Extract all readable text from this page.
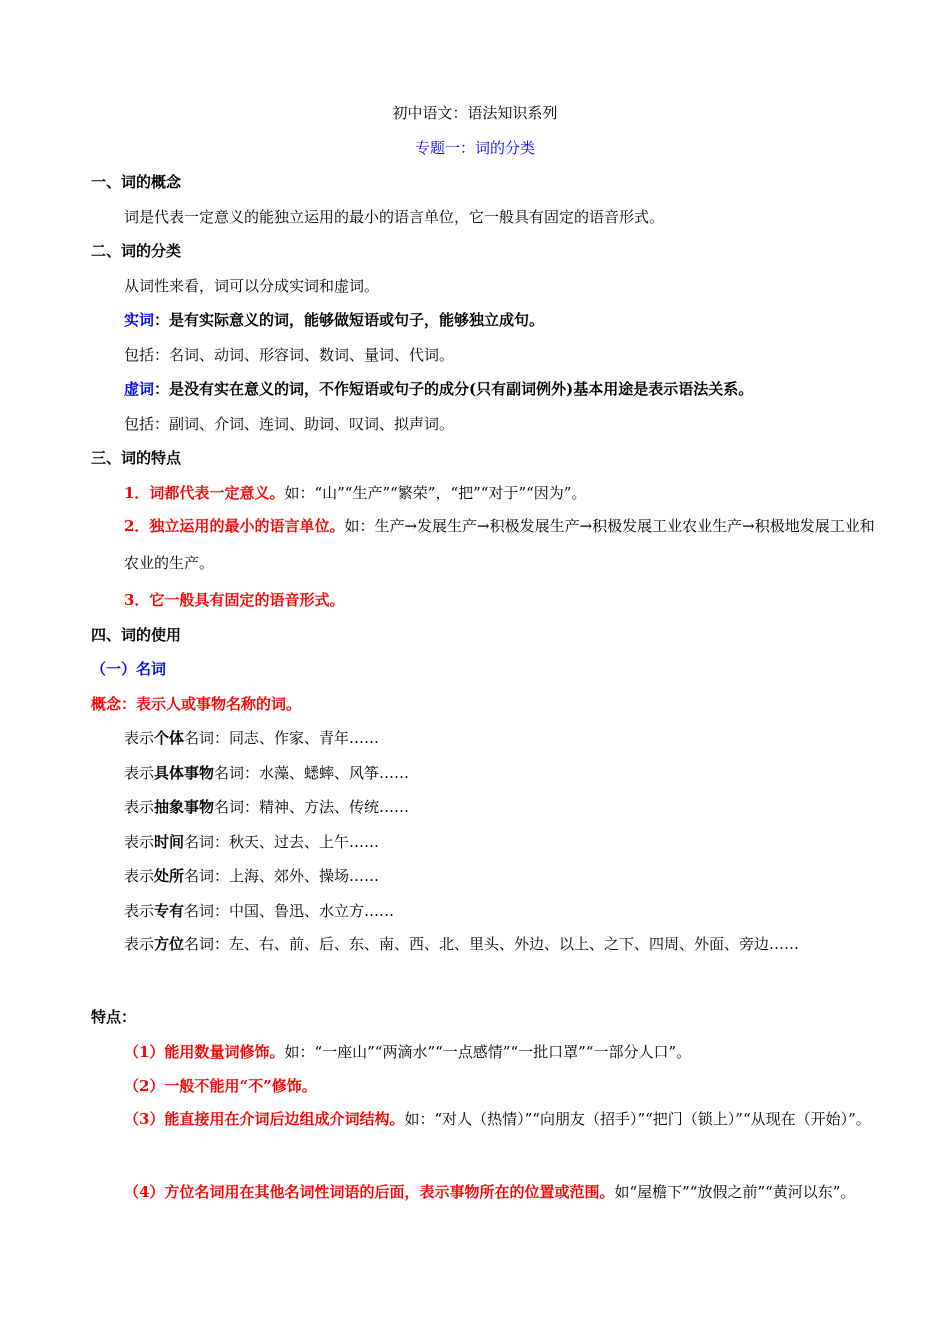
初中语文：语法知识系列
专题一：词的分类
一、词的概念
词是代表一定意义的能独立运用的最小的语言单位，它一般具有固定的语音形式。
二、词的分类
从词性来看，词可以分成实词和虚词。
实词：是有实际意义的词，能够做短语或句子，能够独立成句。
包括：名词、动词、形容词、数词、量词、代词。
虚词：是没有实在意义的词，不作短语或句子的成分(只有副词例外)基本用途是表示语法关系。
包括：副词、介词、连词、助词、叹词、拟声词。
三、词的特点
1．词都代表一定意义。如：“山”“生产”“繁荣”，“把”“对于”“因为”。
2．独立运用的最小的语言单位。如：生产→发展生产→积极发展生产→积极发展工业农业生产→积极地发展工业和农业的生产。
3．它一般具有固定的语音形式。
四、词的使用
（一）名词
概念：表示人或事物名称的词。
表示个体名词：同志、作家、青年……
表示具体事物名词：水藻、蟋蟀、风筝……
表示抽象事物名词：精神、方法、传统……
表示时间名词：秋天、过去、上午……
表示处所名词：上海、郊外、操场……
表示专有名词：中国、鲁迅、水立方……
表示方位名词：左、右、前、后、东、南、西、北、里头、外边、以上、之下、四周、外面、旁边……
特点：
（1）能用数量词修饰。如：“一座山”“两滴水”“一点感情”“一批口罩”“一部分人口”。
（2）一般不能用“不”修饰。
（3）能直接用在介词后边组成介词结构。如：“对人（热情）”“向朋友（招手）”“把门（锁上）”“从现在（开始）”。
（4）方位名词用在其他名词性词语的后面，表示事物所在的位置或范围。如“屋檐下”“放假之前”“黄河以东”。
